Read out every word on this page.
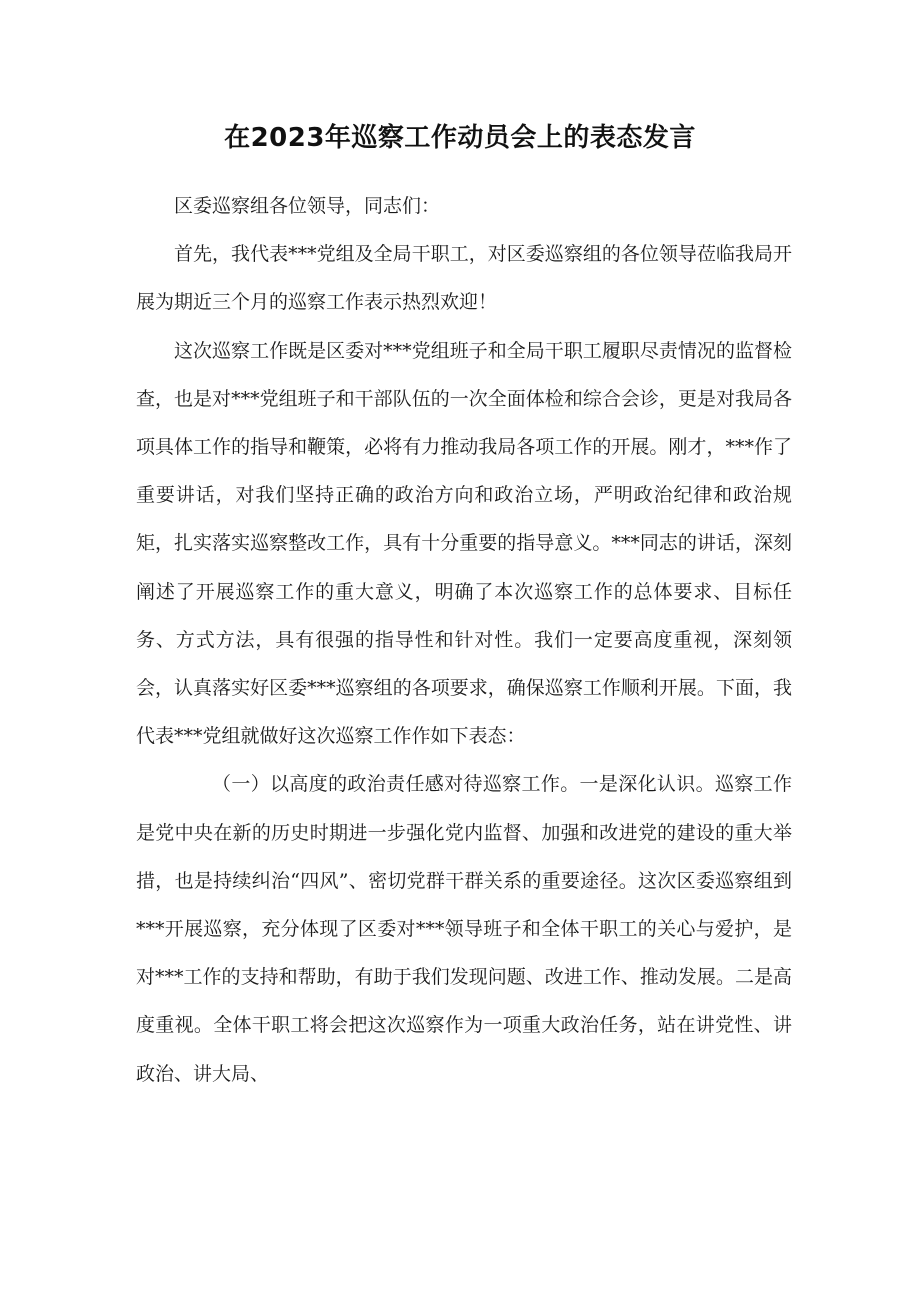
在2023年巡察工作动员会上的表态发言

区委巡察组各位领导，同志们：

首先，我代表***党组及全局干职工，对区委巡察组的各位领导莅临我局开展为期近三个月的巡察工作表示热烈欢迎！

这次巡察工作既是区委对***党组班子和全局干职工履职尽责情况的监督检查，也是对***党组班子和干部队伍的一次全面体检和综合会诊，更是对我局各项具体工作的指导和鞭策，必将有力推动我局各项工作的开展。刚才，***作了重要讲话，对我们坚持正确的政治方向和政治立场，严明政治纪律和政治规矩，扎实落实巡察整改工作，具有十分重要的指导意义。***同志的讲话，深刻阐述了开展巡察工作的重大意义，明确了本次巡察工作的总体要求、目标任务、方式方法，具有很强的指导性和针对性。我们一定要高度重视，深刻领会，认真落实好区委***巡察组的各项要求，确保巡察工作顺利开展。下面，我代表***党组就做好这次巡察工作作如下表态：

（一）以高度的政治责任感对待巡察工作。一是深化认识。巡察工作是党中央在新的历史时期进一步强化党内监督、加强和改进党的建设的重大举措，也是持续纠治“四风”、密切党群干群关系的重要途径。这次区委巡察组到***开展巡察，充分体现了区委对***领导班子和全体干职工的关心与爱护，是对***工作的支持和帮助，有助于我们发现问题、改进工作、推动发展。二是高度重视。全体干职工将会把这次巡察作为一项重大政治任务，站在讲党性、讲政治、讲大局、
